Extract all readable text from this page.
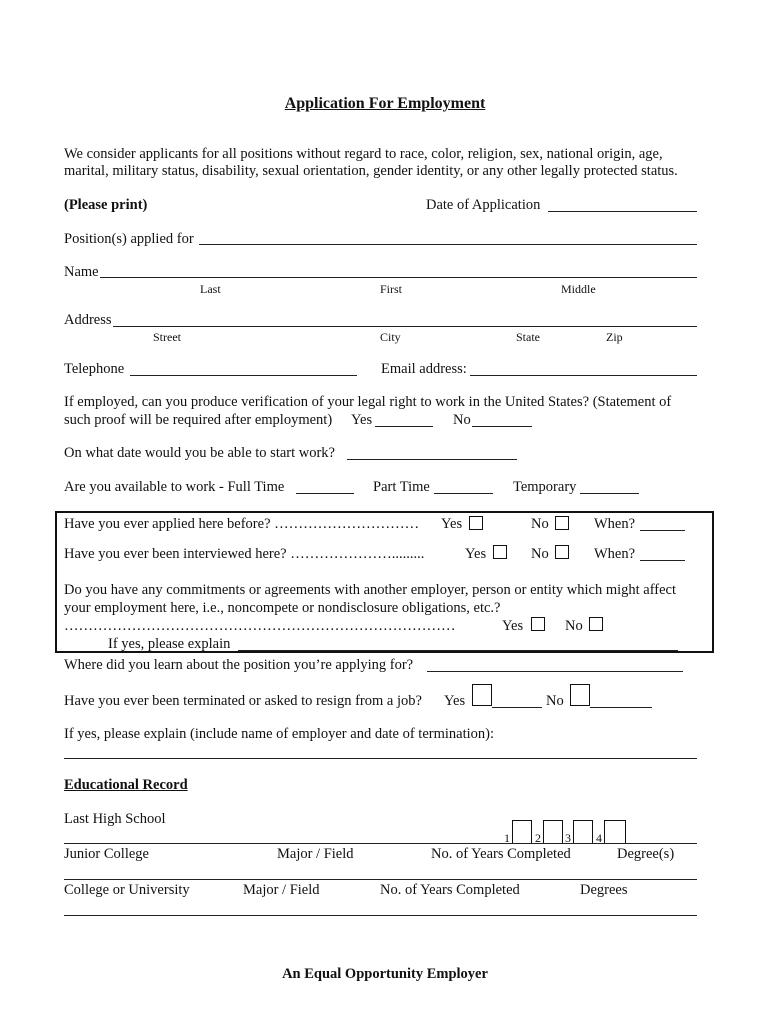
Application For Employment
We consider applicants for all positions without regard to race, color, religion, sex, national origin, age,
marital, military status, disability, sexual orientation, gender identity, or any other legally protected status.
(Please print)	Date of Application
Position(s) applied for
Name
Last	First	Middle
Address
Street	City	State	Zip
Telephone	Email address:
If employed, can you produce verification of your legal right to work in the United States? (Statement of
such proof will be required after employment) Yes	No
On what date would you be able to start work?
Are you available to work - Full Time	Part Time	Temporary
Have you ever applied here before? ………………………… Yes	No	When?
Have you ever been interviewed here? ………………….........	Yes	No	When?
Do you have any commitments or agreements with another employer, person or entity which might affect
your employment here, i.e., noncompete or nondisclosure obligations, etc.?
………………………………………………………………………	Yes	No
If yes, please explain
Where did you learn about the position you’re applying for?
Have you ever been terminated or asked to resign from a job? Yes	No
If yes, please explain (include name of employer and date of termination):
Educational Record
Last High School
1 2 3 4
Junior College	Major / Field	No. of Years Completed	Degree(s)
College or University	Major / Field	No. of Years Completed	Degrees
An Equal Opportunity Employer
